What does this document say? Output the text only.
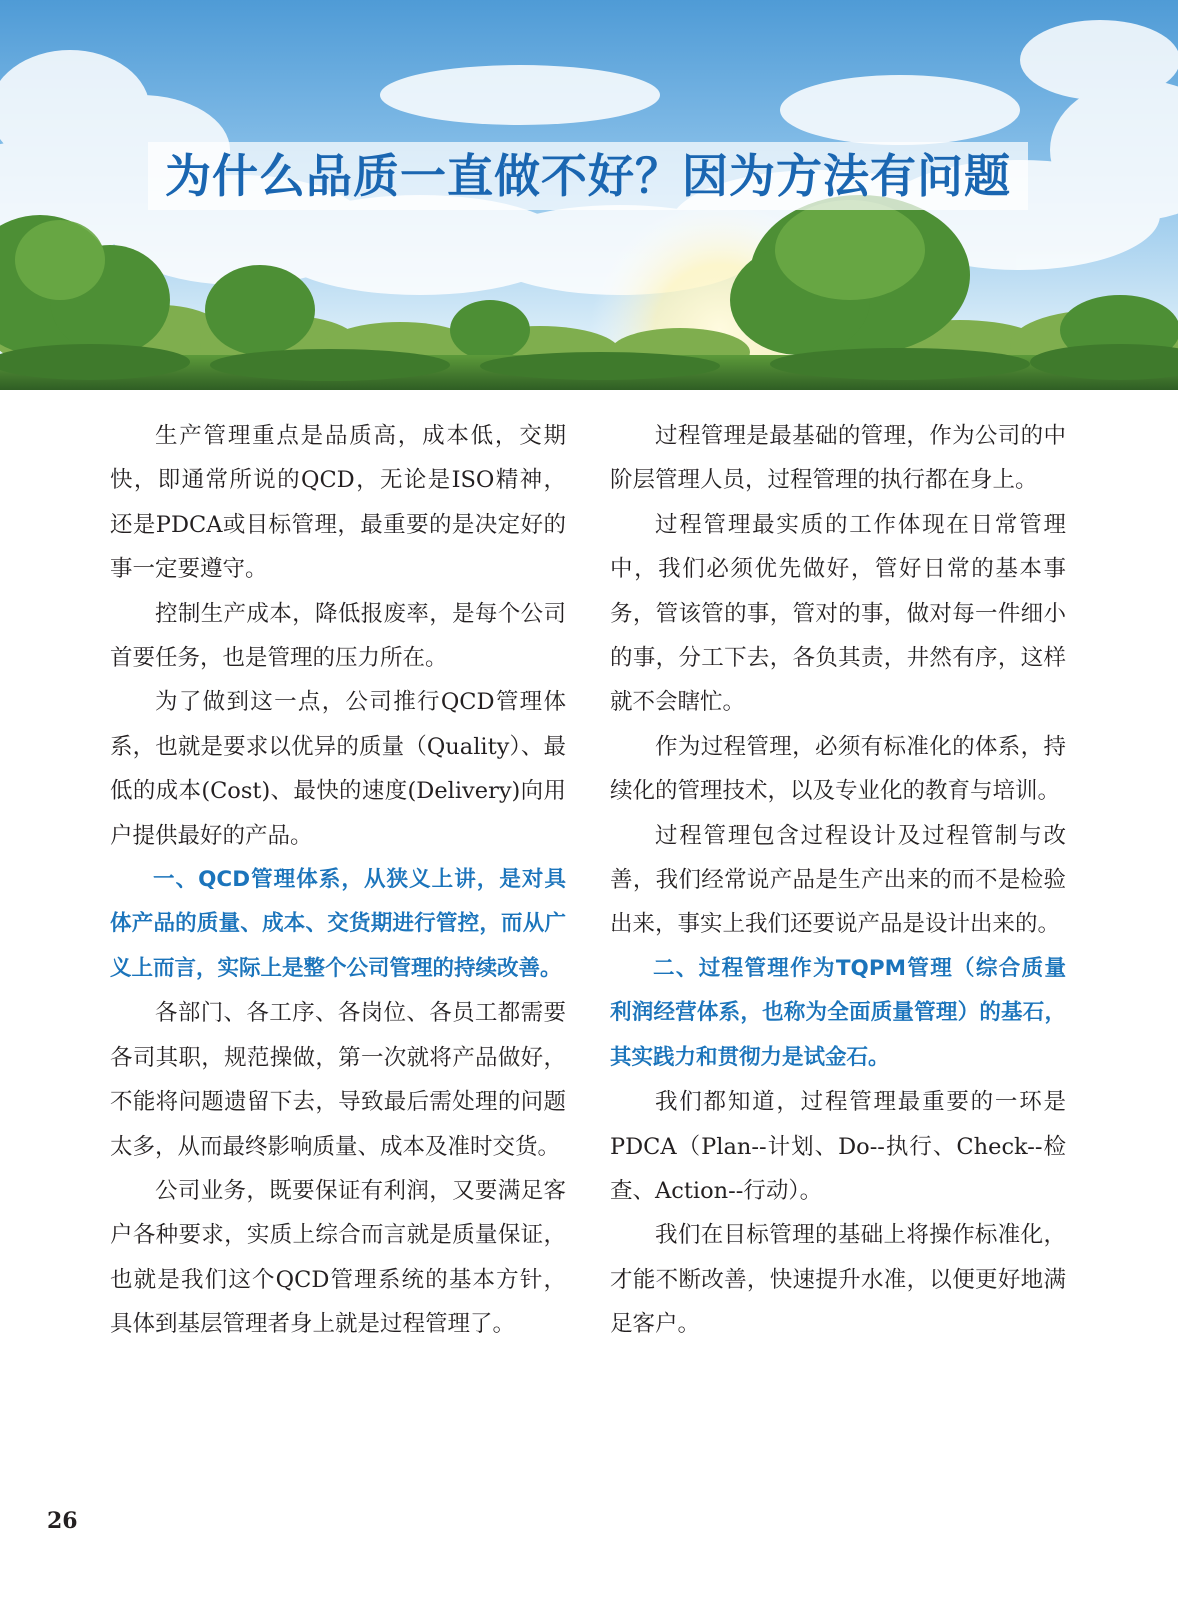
为什么品质一直做不好？因为方法有问题

生产管理重点是品质高，成本低，交期快，即通常所说的QCD，无论是ISO精神，还是PDCA或目标管理，最重要的是决定好的事一定要遵守。

控制生产成本，降低报废率，是每个公司首要任务，也是管理的压力所在。

为了做到这一点，公司推行QCD管理体系，也就是要求以优异的质量（Quality）、最低的成本(Cost)、最快的速度(Delivery)向用户提供最好的产品。

一、QCD管理体系，从狭义上讲，是对具体产品的质量、成本、交货期进行管控，而从广义上而言，实际上是整个公司管理的持续改善。

各部门、各工序、各岗位、各员工都需要各司其职，规范操做，第一次就将产品做好，不能将问题遗留下去，导致最后需处理的问题太多，从而最终影响质量、成本及准时交货。

公司业务，既要保证有利润，又要满足客户各种要求，实质上综合而言就是质量保证，也就是我们这个QCD管理系统的基本方针，具体到基层管理者身上就是过程管理了。

过程管理是最基础的管理，作为公司的中阶层管理人员，过程管理的执行都在身上。

过程管理最实质的工作体现在日常管理中，我们必须优先做好，管好日常的基本事务，管该管的事，管对的事，做对每一件细小的事，分工下去，各负其责，井然有序，这样就不会瞎忙。

作为过程管理，必须有标准化的体系，持续化的管理技术，以及专业化的教育与培训。

过程管理包含过程设计及过程管制与改善，我们经常说产品是生产出来的而不是检验出来，事实上我们还要说产品是设计出来的。

二、过程管理作为TQPM管理（综合质量利润经营体系，也称为全面质量管理）的基石，其实践力和贯彻力是试金石。

我们都知道，过程管理最重要的一环是PDCA（Plan--计划、Do--执行、Check--检查、Action--行动）。

我们在目标管理的基础上将操作标准化，才能不断改善，快速提升水准，以便更好地满足客户。

26
